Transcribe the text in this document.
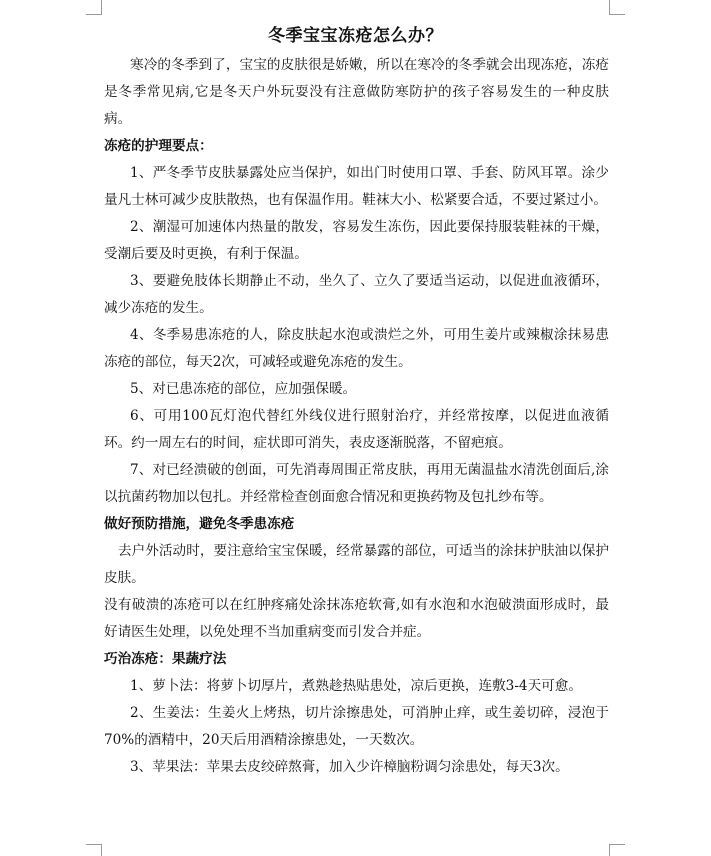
冬季宝宝冻疮怎么办？

寒冷的冬季到了，宝宝的皮肤很是娇嫩，所以在寒冷的冬季就会出现冻疮，冻疮是冬季常见病,它是冬天户外玩耍没有注意做防寒防护的孩子容易发生的一种皮肤病。

冻疮的护理要点：

1、严冬季节皮肤暴露处应当保护，如出门时使用口罩、手套、防风耳罩。涂少量凡士林可减少皮肤散热，也有保温作用。鞋袜大小、松紧要合适，不要过紧过小。

2、潮湿可加速体内热量的散发，容易发生冻伤，因此要保持服装鞋袜的干燥，受潮后要及时更换，有利于保温。

3、要避免肢体长期静止不动，坐久了、立久了要适当运动，以促进血液循环，减少冻疮的发生。

4、冬季易患冻疮的人，除皮肤起水泡或溃烂之外，可用生姜片或辣椒涂抹易患冻疮的部位，每天2次，可减轻或避免冻疮的发生。

5、对已患冻疮的部位，应加强保暖。

6、可用100瓦灯泡代替红外线仪进行照射治疗，并经常按摩，以促进血液循环。约一周左右的时间，症状即可消失，表皮逐渐脱落，不留疤痕。

7、对已经溃破的创面，可先消毒周围正常皮肤，再用无菌温盐水清洗创面后,涂以抗菌药物加以包扎。并经常检查创面愈合情况和更换药物及包扎纱布等。

做好预防措施，避免冬季患冻疮

去户外活动时，要注意给宝宝保暖，经常暴露的部位，可适当的涂抹护肤油以保护皮肤。

没有破溃的冻疮可以在红肿疼痛处涂抹冻疮软膏,如有水泡和水泡破溃面形成时，最好请医生处理，以免处理不当加重病变而引发合并症。

巧治冻疮：果蔬疗法

1、萝卜法：将萝卜切厚片，煮熟趁热贴患处，凉后更换，连敷3-4天可愈。

2、生姜法：生姜火上烤热，切片涂擦患处，可消肿止痒，或生姜切碎，浸泡于70%的酒精中，20天后用酒精涂擦患处，一天数次。

3、苹果法：苹果去皮绞碎熬膏，加入少许樟脑粉调匀涂患处，每天3次。
